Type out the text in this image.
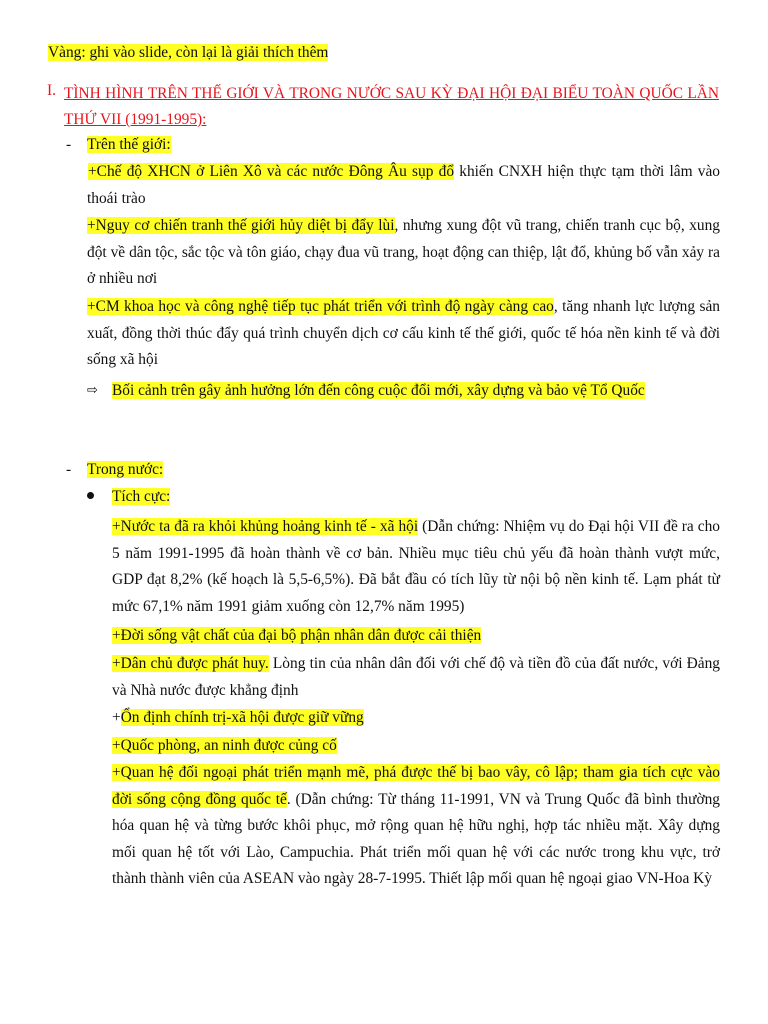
Vàng: ghi vào slide, còn lại là giải thích thêm
I. TÌNH HÌNH TRÊN THẾ GIỚI VÀ TRONG NƯỚC SAU KỲ ĐẠI HỘI ĐẠI BIỂU TOÀN QUỐC LẦN THỨ VII (1991-1995):
- Trên thế giới:
+Chế độ XHCN ở Liên Xô và các nước Đông Âu sụp đổ khiến CNXH hiện thực tạm thời lâm vào thoái trào
+Nguy cơ chiến tranh thế giới hủy diệt bị đẩy lùi, nhưng xung đột vũ trang, chiến tranh cục bộ, xung đột về dân tộc, sắc tộc và tôn giáo, chạy đua vũ trang, hoạt động can thiệp, lật đổ, khủng bố vẫn xảy ra ở nhiều nơi
+CM khoa học và công nghệ tiếp tục phát triển với trình độ ngày càng cao, tăng nhanh lực lượng sản xuất, đồng thời thúc đẩy quá trình chuyển dịch cơ cấu kinh tế thế giới, quốc tế hóa nền kinh tế và đời sống xã hội
⇨ Bối cảnh trên gây ảnh hưởng lớn đến công cuộc đổi mới, xây dựng và bảo vệ Tổ Quốc
- Trong nước:
Tích cực:
+Nước ta đã ra khỏi khủng hoảng kinh tế - xã hội (Dẫn chứng: Nhiệm vụ do Đại hội VII đề ra cho 5 năm 1991-1995 đã hoàn thành về cơ bản. Nhiều mục tiêu chủ yếu đã hoàn thành vượt mức, GDP đạt 8,2% (kế hoạch là 5,5-6,5%). Đã bắt đầu có tích lũy từ nội bộ nền kinh tế. Lạm phát từ mức 67,1% năm 1991 giảm xuống còn 12,7% năm 1995)
+Đời sống vật chất của đại bộ phận nhân dân được cải thiện
+Dân chủ được phát huy. Lòng tin của nhân dân đối với chế độ và tiền đồ của đất nước, với Đảng và Nhà nước được khẳng định
+Ổn định chính trị-xã hội được giữ vững
+Quốc phòng, an ninh được củng cố
+Quan hệ đối ngoại phát triển mạnh mẽ, phá được thế bị bao vây, cô lập; tham gia tích cực vào đời sống cộng đồng quốc tế. (Dẫn chứng: Từ tháng 11-1991, VN và Trung Quốc đã bình thường hóa quan hệ và từng bước khôi phục, mở rộng quan hệ hữu nghị, hợp tác nhiều mặt. Xây dựng mối quan hệ tốt với Lào, Campuchia. Phát triển mối quan hệ với các nước trong khu vực, trở thành thành viên của ASEAN vào ngày 28-7-1995. Thiết lập mối quan hệ ngoại giao VN-Hoa Kỳ
